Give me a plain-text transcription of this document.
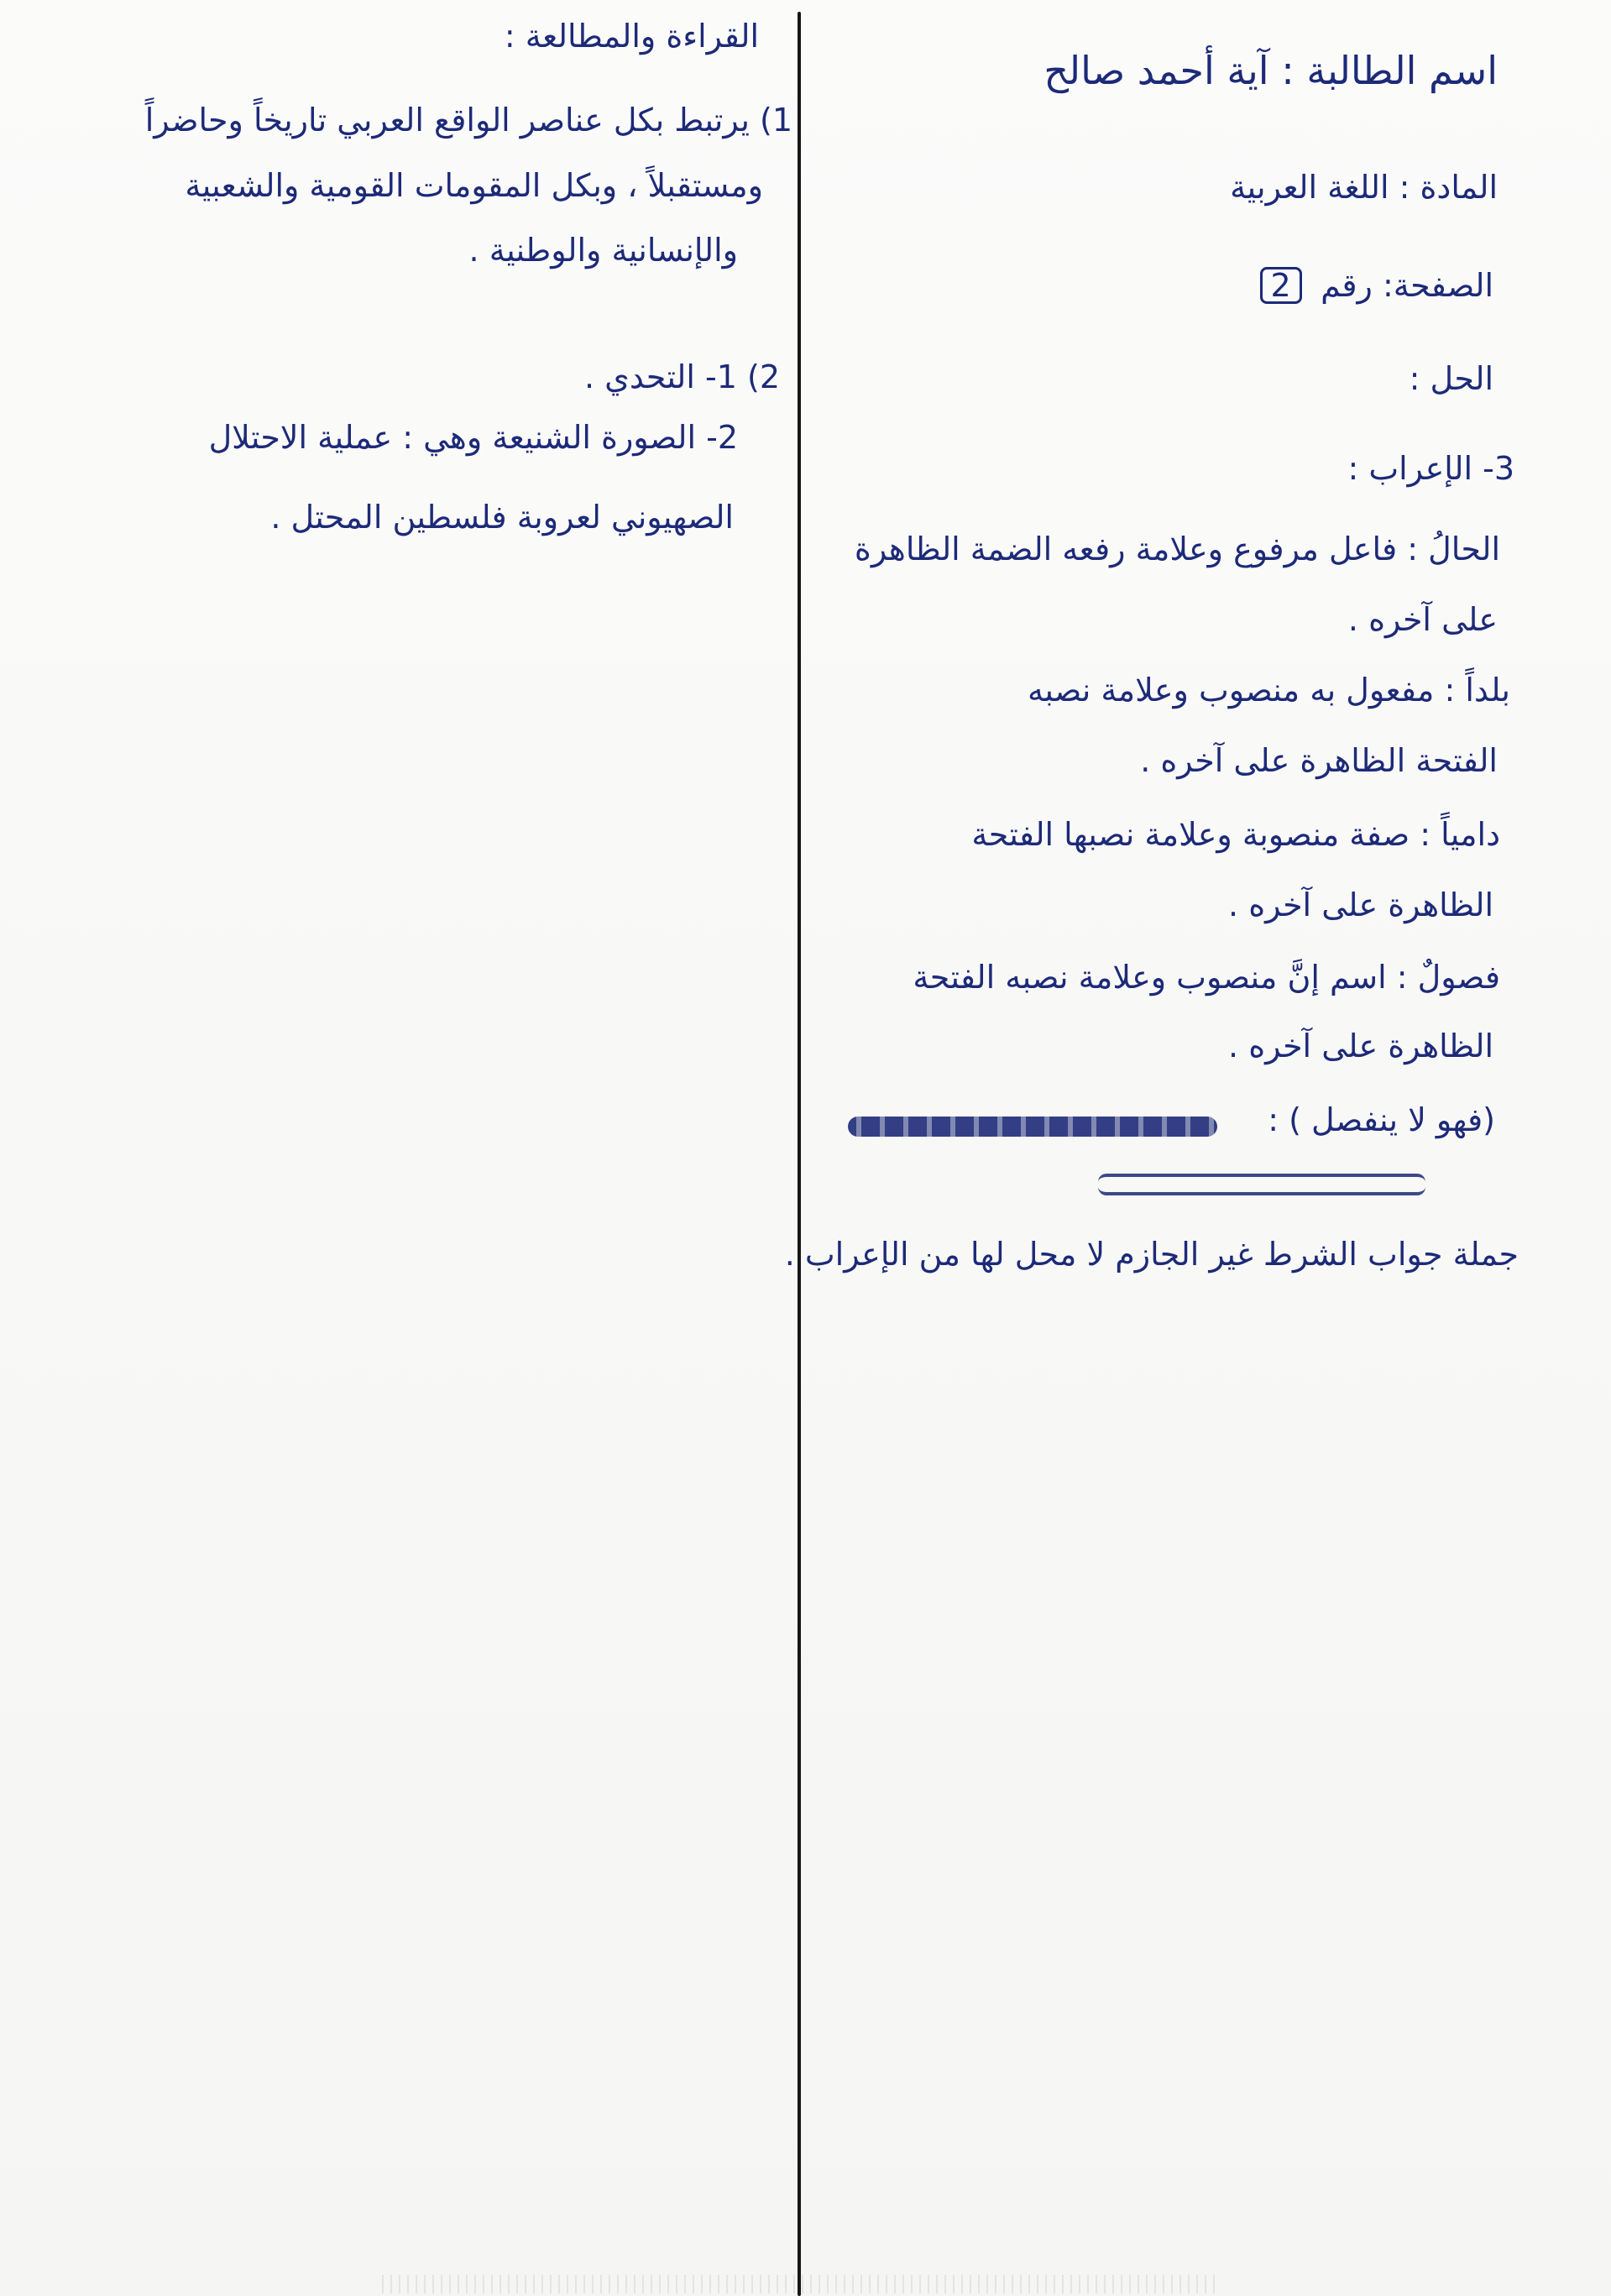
اسم الطالبة : آية أحمد صالح
المادة : اللغة العربية
الصفحة: رقم 2
الحل :
3- الإعراب :
الحالُ : فاعل مرفوع وعلامة رفعه الضمة الظاهرة
على آخره .
بلداً : مفعول به منصوب وعلامة نصبه
الفتحة الظاهرة على آخره .
دامياً : صفة منصوبة وعلامة نصبها الفتحة
الظاهرة على آخره .
فصولٌ : اسم إنَّ منصوب وعلامة نصبه الفتحة
الظاهرة على آخره .
(فهو لا ينفصل ) :
جملة جواب الشرط غير الجازم لا محل لها من الإعراب .
القراءة والمطالعة :
1) يرتبط بكل عناصر الواقع العربي تاريخاً وحاضراً
ومستقبلاً ، وبكل المقومات القومية والشعبية
والإنسانية والوطنية .
2) 1- التحدي .
2- الصورة الشنيعة وهي : عملية الاحتلال
الصهيوني لعروبة فلسطين المحتل .
